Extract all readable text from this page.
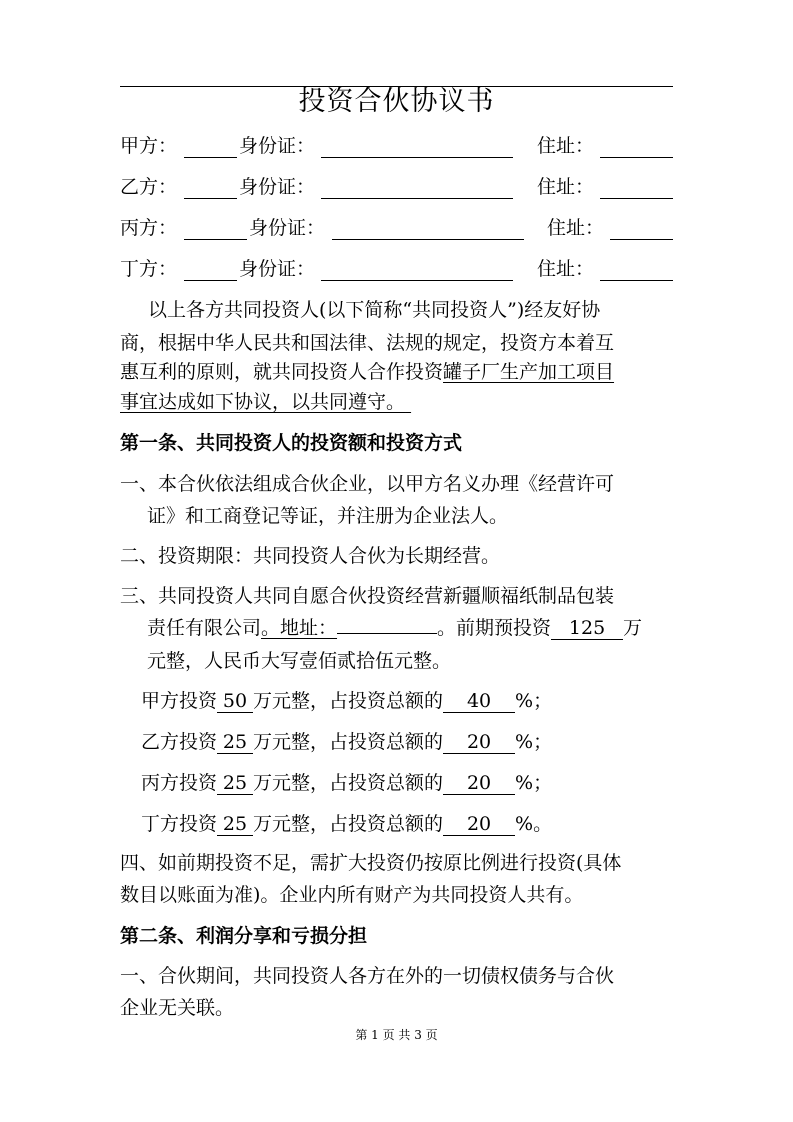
投资合伙协议书
甲方：	身份证：	住址：
乙方：	身份证：	住址：
丙方：	身份证：	住址：
丁方：	身份证：	住址：
以上各方共同投资人(以下简称“共同投资人”)经友好协
商，根据中华人民共和国法律、法规的规定，投资方本着互
惠互利的原则，就共同投资人合作投资罐子厂生产加工项目
事宜达成如下协议，以共同遵守。
第一条、共同投资人的投资额和投资方式
一、本合伙依法组成合伙企业，以甲方名义办理《经营许可
证》和工商登记等证，并注册为企业法人。
二、投资期限：共同投资人合伙为长期经营。
三、共同投资人共同自愿合伙投资经营新疆顺福纸制品包装
责任有限公司。地址：	。前期预投资 125 万
元整，人民币大写壹佰贰拾伍元整。
甲方投资 50 万元整，占投资总额的 40 %；
乙方投资 25 万元整，占投资总额的 20 %；
丙方投资 25 万元整，占投资总额的 20 %；
丁方投资 25 万元整，占投资总额的 20 %。
四、如前期投资不足，需扩大投资仍按原比例进行投资(具体
数目以账面为准)。企业内所有财产为共同投资人共有。
第二条、利润分享和亏损分担
一、合伙期间，共同投资人各方在外的一切债权债务与合伙
企业无关联。
第 1 页 共 3 页
